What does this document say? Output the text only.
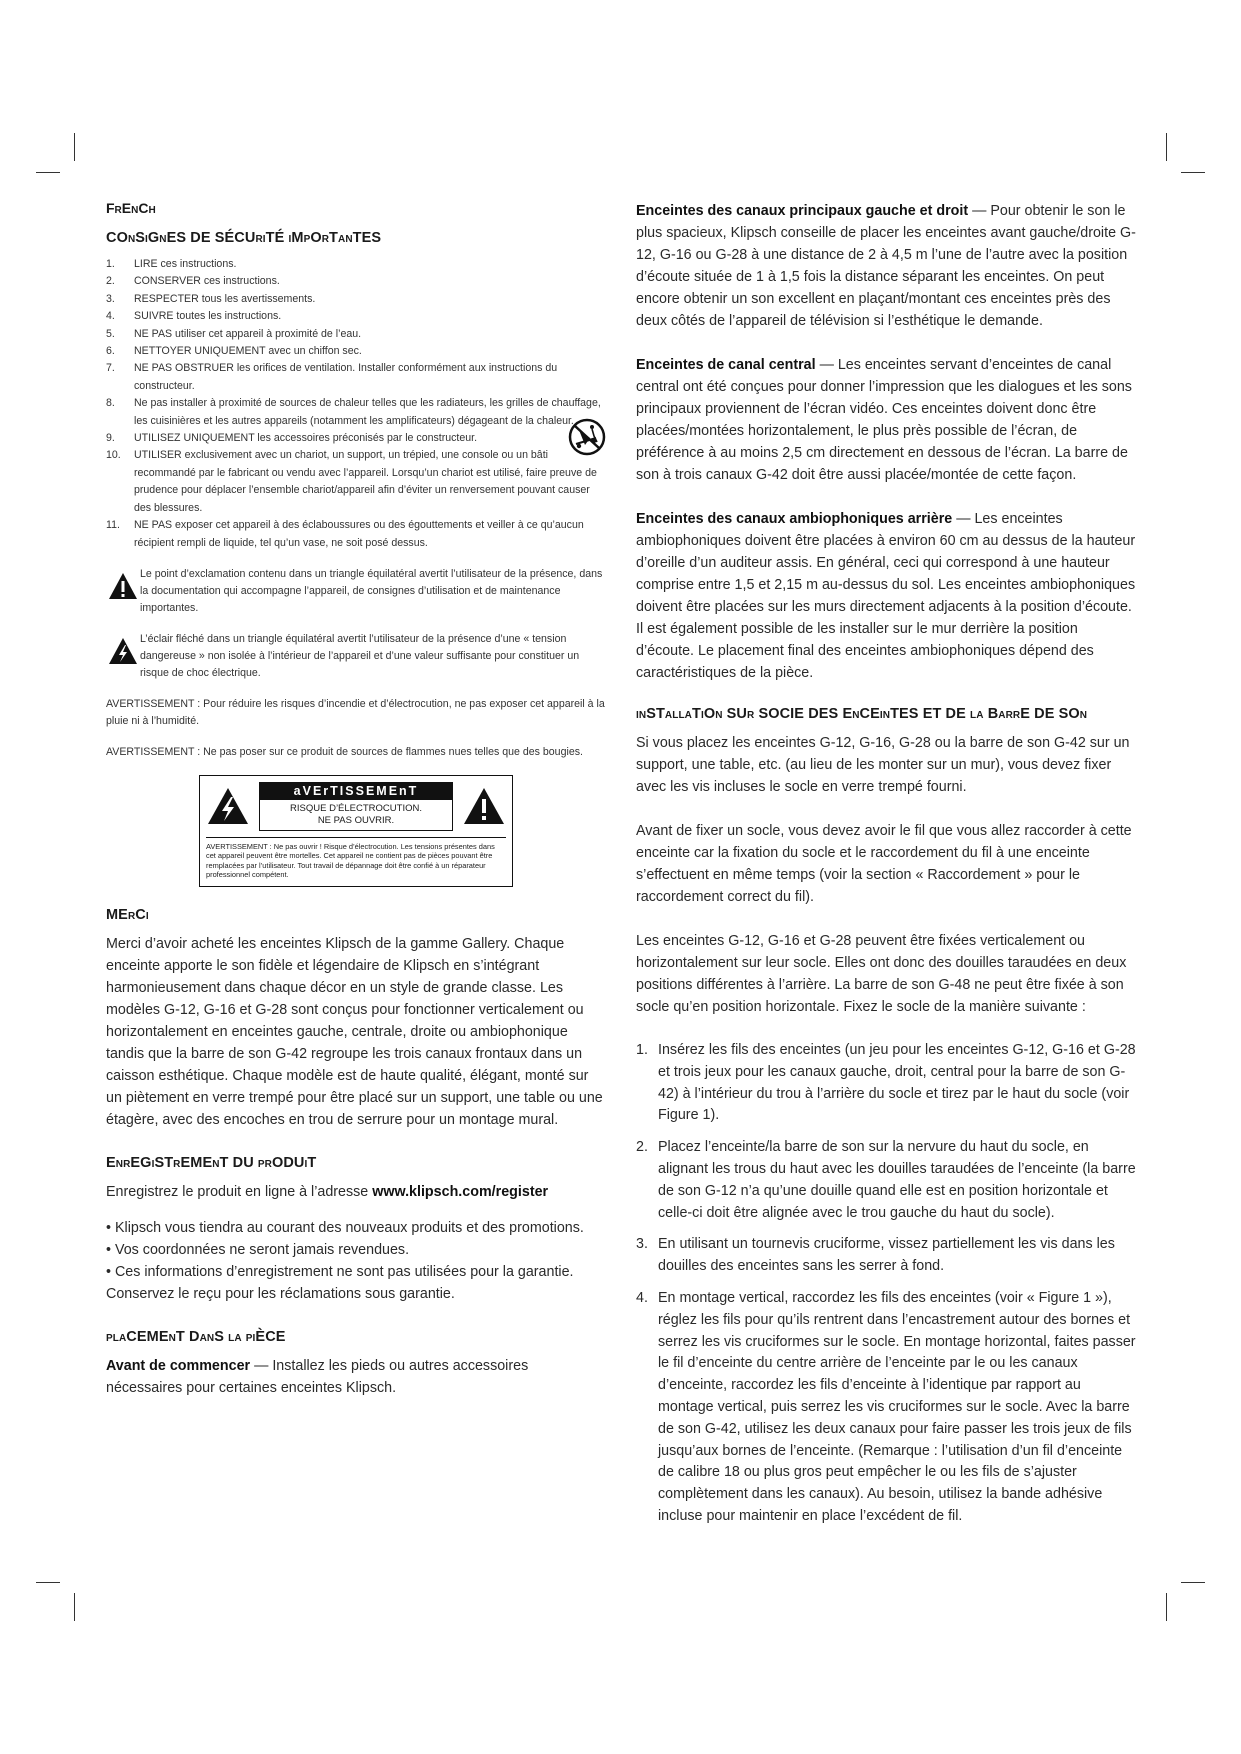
FrEnCh
COnSiGnES DE SÉCUriTÉ iMpOrTanTES
1. LIRE ces instructions.
2. CONSERVER ces instructions.
3. RESPECTER tous les avertissements.
4. SUIVRE toutes les instructions.
5. NE PAS utiliser cet appareil à proximité de l’eau.
6. NETTOYER UNIQUEMENT avec un chiffon sec.
7. NE PAS OBSTRUER les orifices de ventilation. Installer conformément aux instructions du constructeur.
8. Ne pas installer à proximité de sources de chaleur telles que les radiateurs, les grilles de chauffage, les cuisinières et les autres appareils (notamment les amplificateurs) dégageant de la chaleur.
9. UTILISEZ UNIQUEMENT les accessoires préconisés par le constructeur.
10. UTILISER exclusivement avec un chariot, un support, un trépied, une console ou un bâti recommandé par le fabricant ou vendu avec l’appareil. Lorsqu’un chariot est utilisé, faire preuve de prudence pour déplacer l’ensemble chariot/appareil afin d’éviter un renversement pouvant causer des blessures.
11. NE PAS exposer cet appareil à des éclaboussures ou des égouttements et veiller à ce qu’aucun récipient rempli de liquide, tel qu’un vase, ne soit posé dessus.
Le point d’exclamation contenu dans un triangle équilatéral avertit l’utilisateur de la présence, dans la documentation qui accompagne l’appareil, de consignes d’utilisation et de maintenance importantes.
L’éclair fléché dans un triangle équilatéral avertit l’utilisateur de la présence d’une « tension dangereuse » non isolée à l’intérieur de l’appareil et d’une valeur suffisante pour constituer un risque de choc électrique.

AVERTISSEMENT : Pour réduire les risques d’incendie et d’électrocution, ne pas exposer cet appareil à la pluie ni à l’humidité.

AVERTISSEMENT : Ne pas poser sur ce produit de sources de flammes nues telles que des bougies.

aVErTISSEMEnT
RISQUE D’ÉLECTROCUTION.
NE PAS OUVRIR.
AVERTISSEMENT : Ne pas ouvrir ! Risque d’électrocution. Les tensions présentes dans cet appareil peuvent être mortelles. Cet appareil ne contient pas de pièces pouvant être remplacées par l’utilisateur. Tout travail de dépannage doit être confié à un réparateur professionnel compétent.
MErCi

Merci d’avoir acheté les enceintes Klipsch de la gamme Gallery. Chaque enceinte apporte le son fidèle et légendaire de Klipsch en s’intégrant harmonieusement dans chaque décor en un style de grande classe. Les modèles G-12, G-16 et G-28 sont conçus pour fonctionner verticalement ou horizontalement en enceintes gauche, centrale, droite ou ambiophonique tandis que la barre de son G-42 regroupe les trois canaux frontaux dans un caisson esthétique. Chaque modèle est de haute qualité, élégant, monté sur un piètement en verre trempé pour être placé sur un support, une table ou une étagère, avec des encoches en trou de serrure pour un montage mural.

EnrEGiSTrEMEnT DU prODUiT

Enregistrez le produit en ligne à l’adresse www.klipsch.com/register

• Klipsch vous tiendra au courant des nouveaux produits et des promotions.

• Vos coordonnées ne seront jamais revendues.

• Ces informations d’enregistrement ne sont pas utilisées pour la garantie.

Conservez le reçu pour les réclamations sous garantie.

plaCEMEnT DanS la piÈCE

Avant de commencer — Installez les pieds ou autres accessoires nécessaires pour certaines enceintes Klipsch.

Enceintes des canaux principaux gauche et droit — Pour obtenir le son le plus spacieux, Klipsch conseille de placer les enceintes avant gauche/droite G-12, G-16 ou G-28 à une distance de 2 à 4,5 m l’une de l’autre avec la position d’écoute située de 1 à 1,5 fois la distance séparant les enceintes. On peut encore obtenir un son excellent en plaçant/montant ces enceintes près des deux côtés de l’appareil de télévision si l’esthétique le demande.

Enceintes de canal central — Les enceintes servant d’enceintes de canal central ont été conçues pour donner l’impression que les dialogues et les sons principaux proviennent de l’écran vidéo. Ces enceintes doivent donc être placées/montées horizontalement, le plus près possible de l’écran, de préférence à au moins 2,5 cm directement en dessous de l’écran. La barre de son à trois canaux G-42 doit être aussi placée/montée de cette façon.

Enceintes des canaux ambiophoniques arrière — Les enceintes ambiophoniques doivent être placées à environ 60 cm au dessus de la hauteur d’oreille d’un auditeur assis. En général, ceci qui correspond à une hauteur comprise entre 1,5 et 2,15 m au-dessus du sol. Les enceintes ambiophoniques doivent être placées sur les murs directement adjacents à la position d’écoute. Il est également possible de les installer sur le mur derrière la position d’écoute. Le placement final des enceintes ambiophoniques dépend des caractéristiques de la pièce.

inSTallaTiOn SUr SOCIE DES EnCEinTES ET DE la BarrE DE SOn

Si vous placez les enceintes G-12, G-16, G-28 ou la barre de son G-42 sur un support, une table, etc. (au lieu de les monter sur un mur), vous devez fixer avec les vis incluses le socle en verre trempé fourni.

Avant de fixer un socle, vous devez avoir le fil que vous allez raccorder à cette enceinte car la fixation du socle et le raccordement du fil à une enceinte s’effectuent en même temps (voir la section « Raccordement » pour le raccordement correct du fil).

Les enceintes G-12, G-16 et G-28 peuvent être fixées verticalement ou horizontalement sur leur socle. Elles ont donc des douilles taraudées en deux positions différentes à l’arrière. La barre de son G-48 ne peut être fixée à son socle qu’en position horizontale. Fixez le socle de la manière suivante :

1. Insérez les fils des enceintes (un jeu pour les enceintes G-12, G-16 et G-28 et trois jeux pour les canaux gauche, droit, central pour la barre de son G-42) à l’intérieur du trou à l’arrière du socle et tirez par le haut du socle (voir Figure 1).
2. Placez l’enceinte/la barre de son sur la nervure du haut du socle, en alignant les trous du haut avec les douilles taraudées de l’enceinte (la barre de son G-12 n’a qu’une douille quand elle est en position horizontale et celle-ci doit être alignée avec le trou gauche du haut du socle).
3. En utilisant un tournevis cruciforme, vissez partiellement les vis dans les douilles des enceintes sans les serrer à fond.
4. En montage vertical, raccordez les fils des enceintes (voir « Figure 1 »), réglez les fils pour qu’ils rentrent dans l’encastrement autour des bornes et serrez les vis cruciformes sur le socle. En montage horizontal, faites passer le fil d’enceinte du centre arrière de l’enceinte par le ou les canaux d’enceinte, raccordez les fils d’enceinte à l’identique par rapport au montage vertical, puis serrez les vis cruciformes sur le socle. Avec la barre de son G-42, utilisez les deux canaux pour faire passer les trois jeux de fils jusqu’aux bornes de l’enceinte. (Remarque : l’utilisation d’un fil d’enceinte de calibre 18 ou plus gros peut empêcher le ou les fils de s’ajuster complètement dans les canaux). Au besoin, utilisez la bande adhésive incluse pour maintenir en place l’excédent de fil.
